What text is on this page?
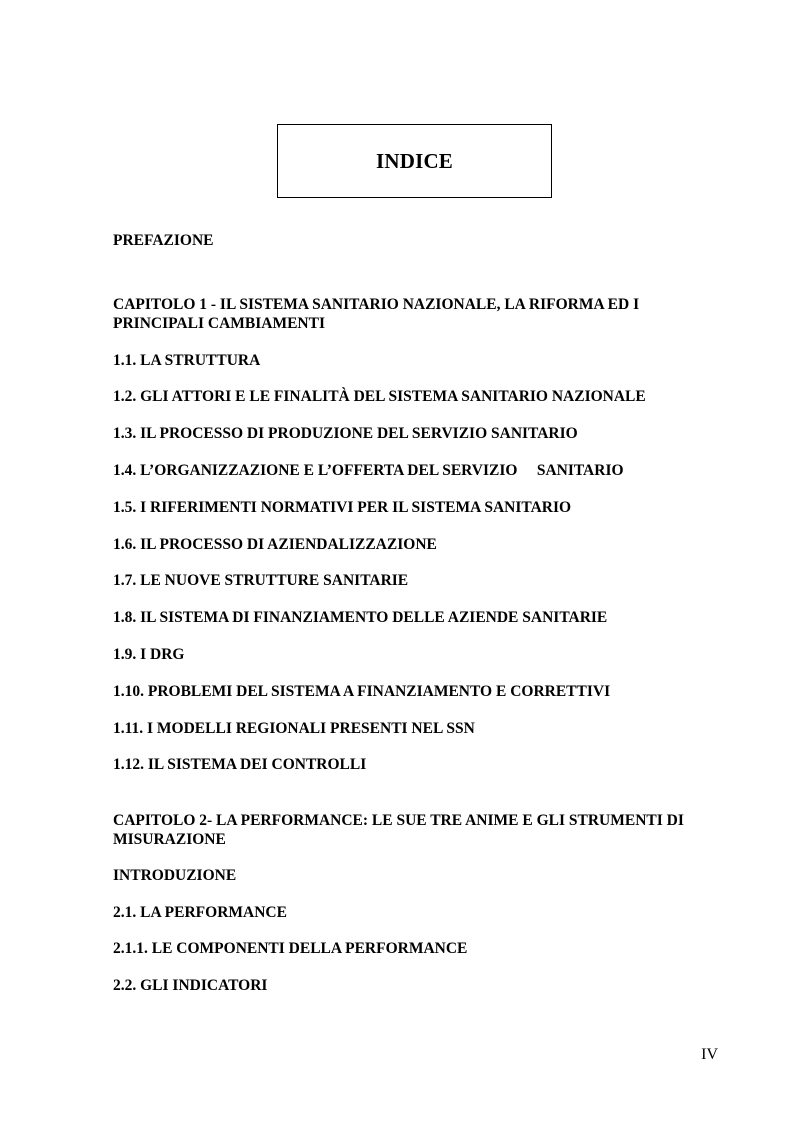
INDICE
PREFAZIONE
CAPITOLO 1 - IL SISTEMA SANITARIO NAZIONALE, LA RIFORMA ED I PRINCIPALI CAMBIAMENTI
1.1. LA STRUTTURA
1.2. GLI ATTORI E LE FINALITÀ DEL SISTEMA SANITARIO NAZIONALE
1.3. IL PROCESSO DI PRODUZIONE DEL SERVIZIO SANITARIO
1.4. L’ORGANIZZAZIONE E L’OFFERTA DEL SERVIZIO     SANITARIO
1.5. I RIFERIMENTI NORMATIVI PER IL SISTEMA SANITARIO
1.6. IL PROCESSO DI AZIENDALIZZAZIONE
1.7. LE NUOVE STRUTTURE SANITARIE
1.8. IL SISTEMA DI FINANZIAMENTO DELLE AZIENDE SANITARIE
1.9. I DRG
1.10. PROBLEMI DEL SISTEMA A FINANZIAMENTO E CORRETTIVI
1.11. I MODELLI REGIONALI PRESENTI NEL SSN
1.12. IL SISTEMA DEI CONTROLLI
CAPITOLO 2- LA PERFORMANCE: LE SUE TRE ANIME E GLI STRUMENTI DI MISURAZIONE
INTRODUZIONE
2.1. LA PERFORMANCE
2.1.1. LE COMPONENTI DELLA PERFORMANCE
2.2. GLI INDICATORI
IV
